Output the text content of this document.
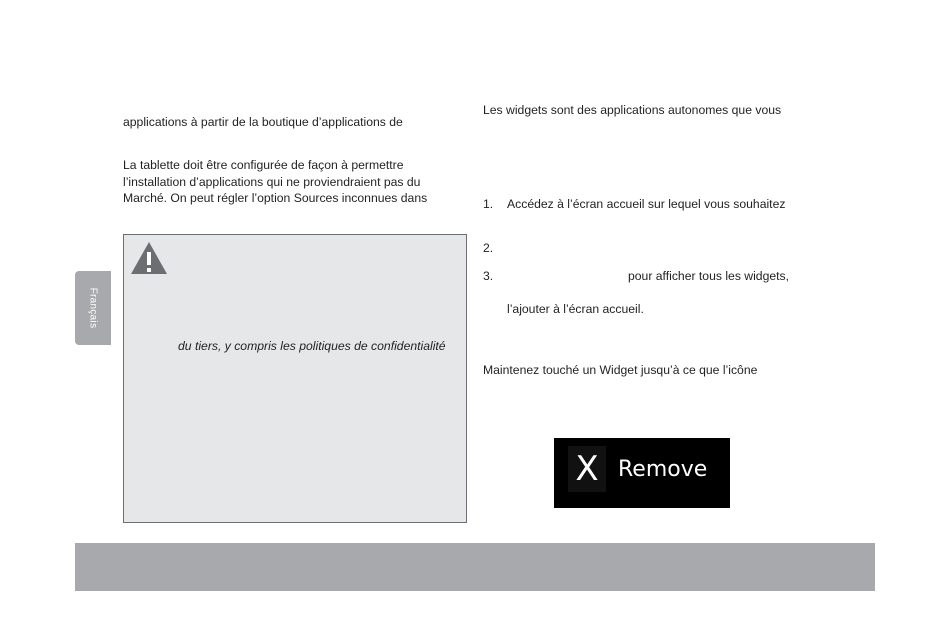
applications à partir de la boutique d’applications de
La tablette doit être configurée de façon à permettre
l’installation d’applications qui ne proviendraient pas du
Marché. On peut régler l’option Sources inconnues dans
Français
du tiers, y compris les politiques de confidentialité
Les widgets sont des applications autonomes que vous
1. Accédez à l’écran accueil sur lequel vous souhaitez
2.
3.	pour afficher tous les widgets,
l’ajouter à l’écran accueil.
Maintenez touché un Widget jusqu’à ce que l’icône
X Remove
